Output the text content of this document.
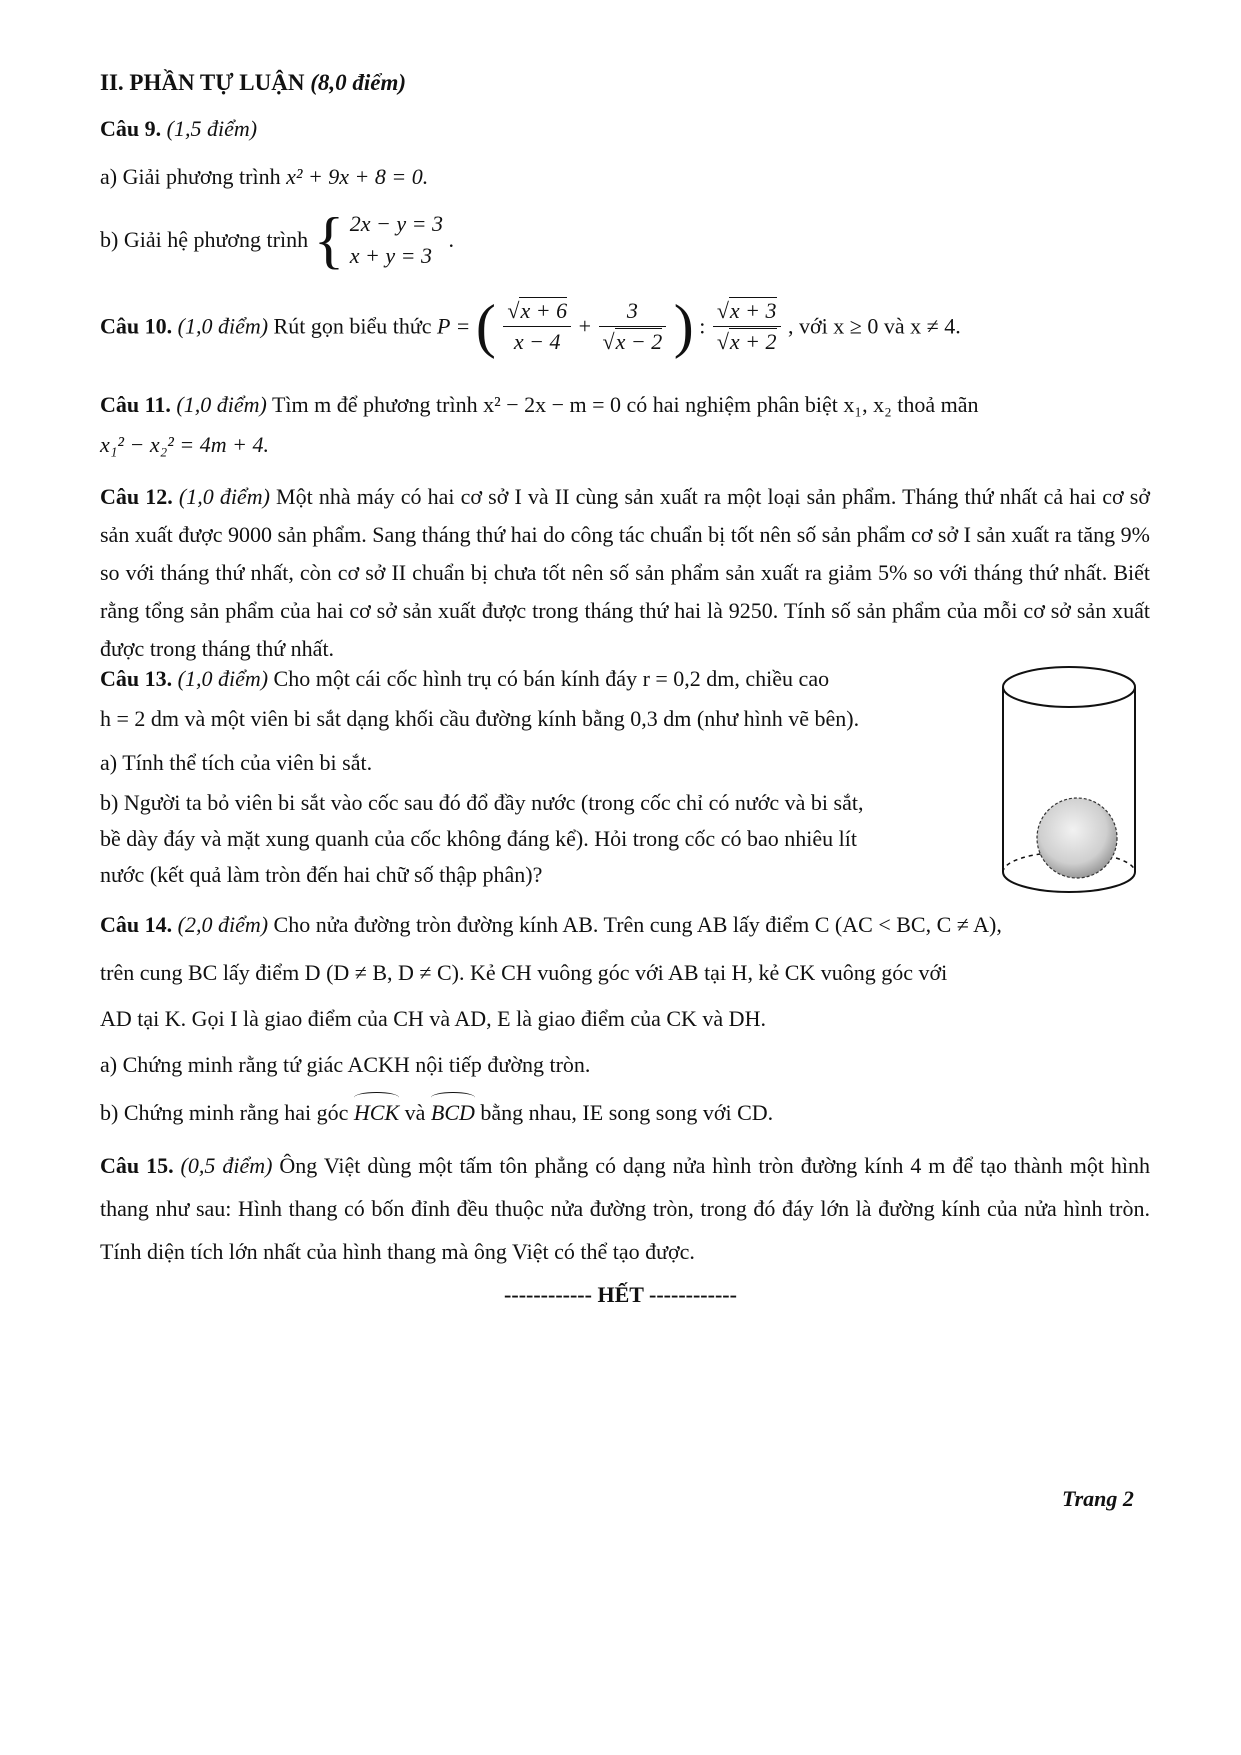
II. PHẦN TỰ LUẬN (8,0 điểm)
Câu 9. (1,5 điểm)
a) Giải phương trình x² + 9x + 8 = 0.
b) Giải hệ phương trình { 2x − y = 3
x + y = 3
.
Câu 10. (1,0 điểm) Rút gọn biểu thức P = ( $\frac{√x + 6}{x - 4} + \frac{3}{√x - 2}$ ) : $\frac{√x + 3}{√x + 2}$ , với x ≥ 0 và x ≠ 4.
Câu 11. (1,0 điểm) Tìm m để phương trình x² − 2x − m = 0 có hai nghiệm phân biệt x₁, x₂ thoả mãn
x₁² − x₂² = 4m + 4.
Câu 12. (1,0 điểm) Một nhà máy có hai cơ sở I và II cùng sản xuất ra một loại sản phẩm. Tháng thứ nhất cả hai cơ sở sản xuất được 9000 sản phẩm. Sang tháng thứ hai do công tác chuẩn bị tốt nên số sản phẩm cơ sở I sản xuất ra tăng 9% so với tháng thứ nhất, còn cơ sở II chuẩn bị chưa tốt nên số sản phẩm sản xuất ra giảm 5% so với tháng thứ nhất. Biết rằng tổng sản phẩm của hai cơ sở sản xuất được trong tháng thứ hai là 9250. Tính số sản phẩm của mỗi cơ sở sản xuất được trong tháng thứ nhất.
Câu 13. (1,0 điểm) Cho một cái cốc hình trụ có bán kính đáy r = 0,2 dm, chiều cao
h = 2 dm và một viên bi sắt dạng khối cầu đường kính bằng 0,3 dm (như hình vẽ bên).
a) Tính thể tích của viên bi sắt.
b) Người ta bỏ viên bi sắt vào cốc sau đó đổ đầy nước (trong cốc chỉ có nước và bi sắt,
bề dày đáy và mặt xung quanh của cốc không đáng kể). Hỏi trong cốc có bao nhiêu lít
nước (kết quả làm tròn đến hai chữ số thập phân)?
Câu 14. (2,0 điểm) Cho nửa đường tròn đường kính AB. Trên cung AB lấy điểm C (AC < BC, C ≠ A),
trên cung BC lấy điểm D (D ≠ B, D ≠ C). Kẻ CH vuông góc với AB tại H, kẻ CK vuông góc với
AD tại K. Gọi I là giao điểm của CH và AD, E là giao điểm của CK và DH.
a) Chứng minh rằng tứ giác ACKH nội tiếp đường tròn.
b) Chứng minh rằng hai góc HCK và BCD bằng nhau, IE song song với CD.
Câu 15. (0,5 điểm) Ông Việt dùng một tấm tôn phẳng có dạng nửa hình tròn đường kính 4 m để tạo thành một hình thang như sau: Hình thang có bốn đỉnh đều thuộc nửa đường tròn, trong đó đáy lớn là đường kính của nửa hình tròn. Tính diện tích lớn nhất của hình thang mà ông Việt có thể tạo được.
------------ HẾT ------------
Trang 2
